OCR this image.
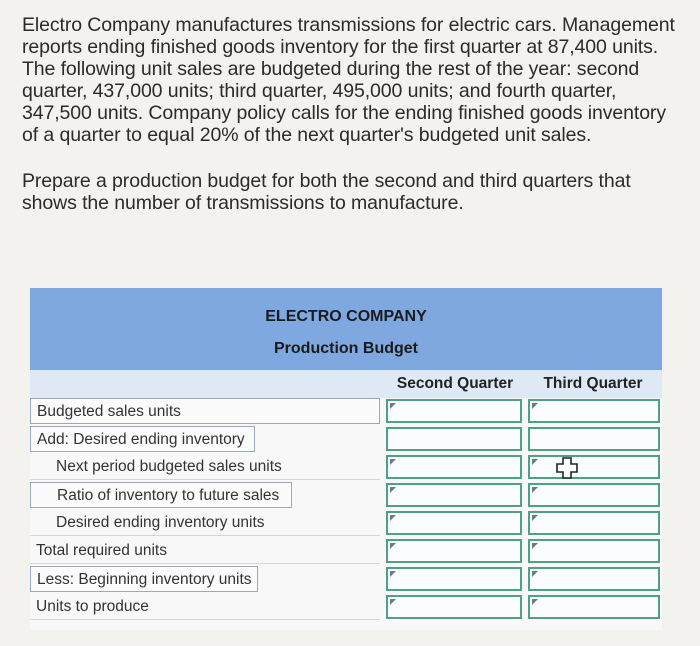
Electro Company manufactures transmissions for electric cars. Management reports ending finished goods inventory for the first quarter at 87,400 units. The following unit sales are budgeted during the rest of the year: second quarter, 437,000 units; third quarter, 495,000 units; and fourth quarter, 347,500 units. Company policy calls for the ending finished goods inventory of a quarter to equal 20% of the next quarter's budgeted unit sales.

Prepare a production budget for both the second and third quarters that shows the number of transmissions to manufacture.

ELECTRO COMPANY
Production Budget
Second Quarter	Third Quarter
Budgeted sales units
Add: Desired ending inventory
Next period budgeted sales units
Ratio of inventory to future sales
Desired ending inventory units
Total required units
Less: Beginning inventory units
Units to produce
